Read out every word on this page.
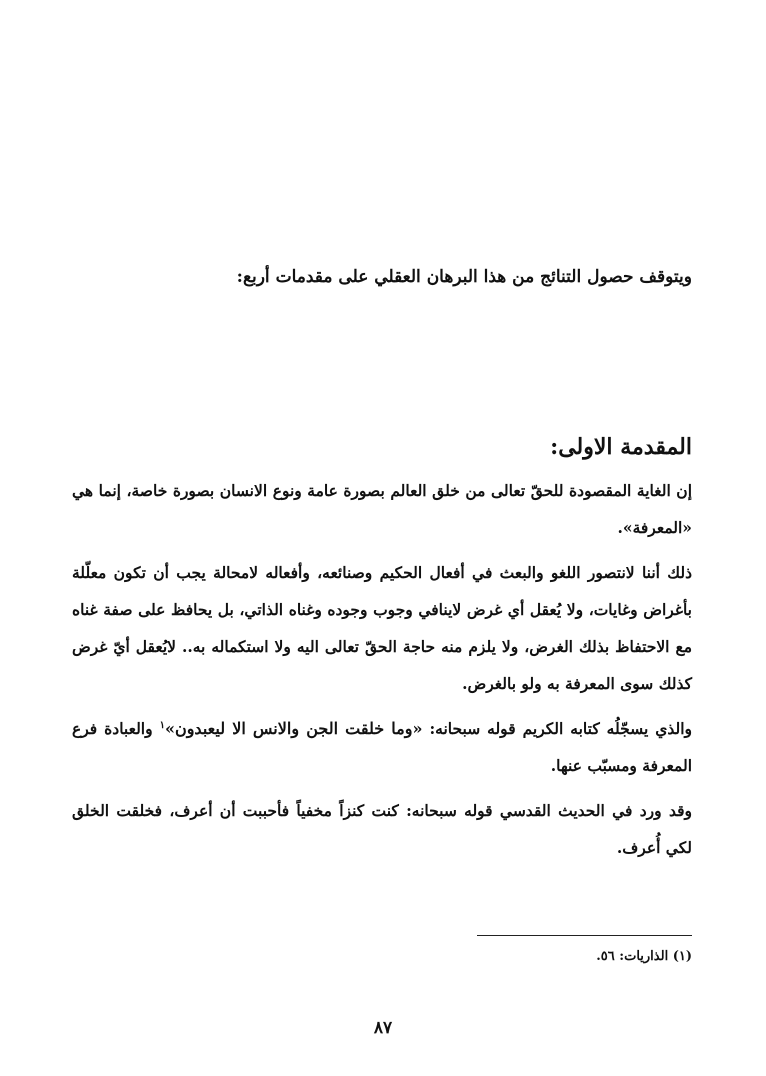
ويتوقف حصول التنائج من هذا البرهان العقلي على مقدمات أربع:
المقدمة الاولى:

إن الغاية المقصودة للحقّ تعالى من خلق العالم بصورة عامة ونوع الانسان بصورة خاصة، إنما هي «المعرفة».

ذلك أننا لانتصور اللغو والبعث في أفعال الحكيم وصنائعه، وأفعاله لامحالة يجب أن تكون معلّلة بأغراض وغايات، ولا يُعقل أي غرض لاينافي وجوب وجوده وغناه الذاتي، بل يحافظ على صفة غناه مع الاحتفاظ بذلك الغرض، ولا يلزم منه حاجة الحقّ تعالى اليه ولا استكماله به.. لايُعقل أيّ غرض كذلك سوى المعرفة به ولو بالغرض.

والذي يسجّلُه كتابه الكريم قوله سبحانه: «وما خلقت الجن والانس الا ليعبدون»$^١$ والعبادة فرع المعرفة ومسبّب عنها.

وقد ورد في الحديث القدسي قوله سبحانه: كنت كنزاً مخفياً فأحببت أن أعرف، فخلقت الخلق لكي أُعرف.

(١) الذاريات: ٥٦.
٨٧
